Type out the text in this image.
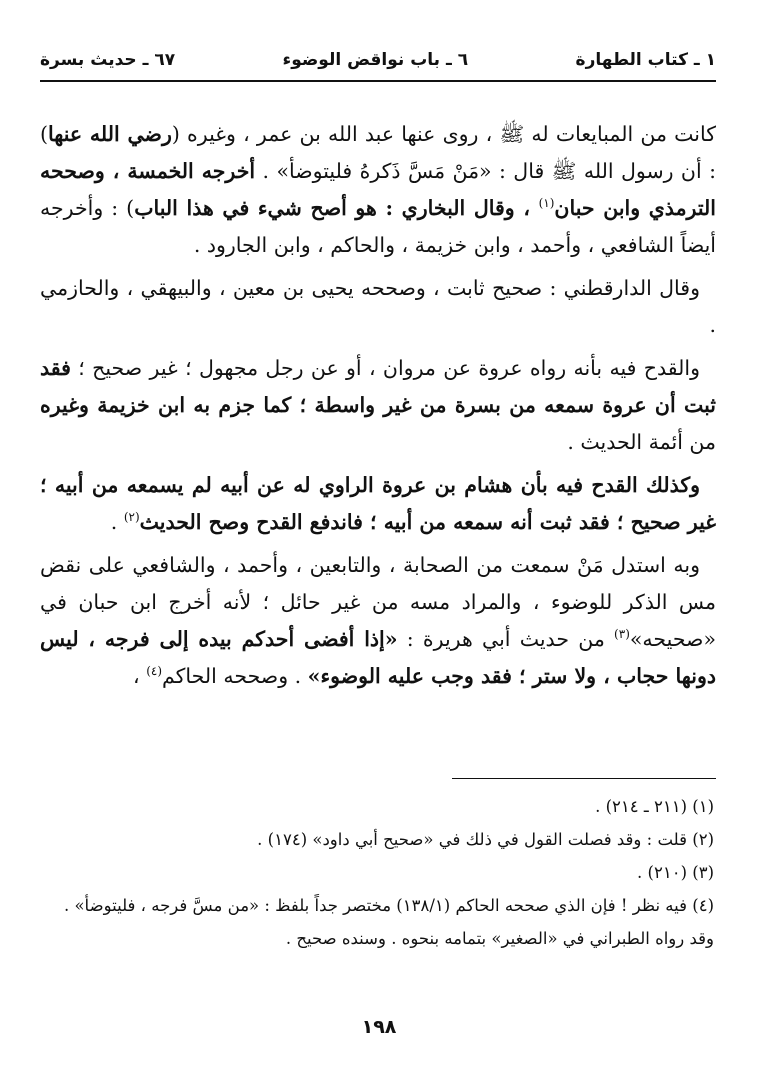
١ ـ كتاب الطهارة
٦ ـ باب نواقض الوضوء
٦٧ ـ حديث بسرة

كانت من المبايعات له ﷺ ، روى عنها عبد الله بن عمر ، وغيره (رضي الله عنها) : أن رسول الله ﷺ قال : «مَنْ مَسَّ ذَكرهُ فليتوضأ» . أخرجه الخمسة ، وصححه الترمذي وابن حبان$^{(١)}$ ، وقال البخاري : هو أصح شيء في هذا الباب) : وأخرجه أيضاً الشافعي ، وأحمد ، وابن خزيمة ، والحاكم ، وابن الجارود .

وقال الدارقطني : صحيح ثابت ، وصححه يحيى بن معين ، والبيهقي ، والحازمي .

والقدح فيه بأنه رواه عروة عن مروان ، أو عن رجل مجهول ؛ غير صحيح ؛ فقد ثبت أن عروة سمعه من بسرة من غير واسطة ؛ كما جزم به ابن خزيمة وغيره من أئمة الحديث .

وكذلك القدح فيه بأن هشام بن عروة الراوي له عن أبيه لم يسمعه من أبيه ؛ غير صحيح ؛ فقد ثبت أنه سمعه من أبيه ؛ فاندفع القدح وصح الحديث$^{(٢)}$ .

وبه استدل مَنْ سمعت من الصحابة ، والتابعين ، وأحمد ، والشافعي على نقض مس الذكر للوضوء ، والمراد مسه من غير حائل ؛ لأنه أخرج ابن حبان في «صحيحه»$^{(٣)}$ من حديث أبي هريرة : «إذا أفضى أحدكم بيده إلى فرجه ، ليس دونها حجاب ، ولا ستر ؛ فقد وجب عليه الوضوء» . وصححه الحاكم$^{(٤)}$ ،

(١) (٢١١ ـ ٢١٤) .
(٢) قلت : وقد فصلت القول في ذلك في «صحيح أبي داود» (١٧٤) .
(٣) (٢١٠) .
(٤) فيه نظر ! فإن الذي صححه الحاكم (١٣٨/١) مختصر جداً بلفظ : «من مسَّ فرجه ، فليتوضأ» .
وقد رواه الطبراني في «الصغير» بتمامه بنحوه . وسنده صحيح .
١٩٨
